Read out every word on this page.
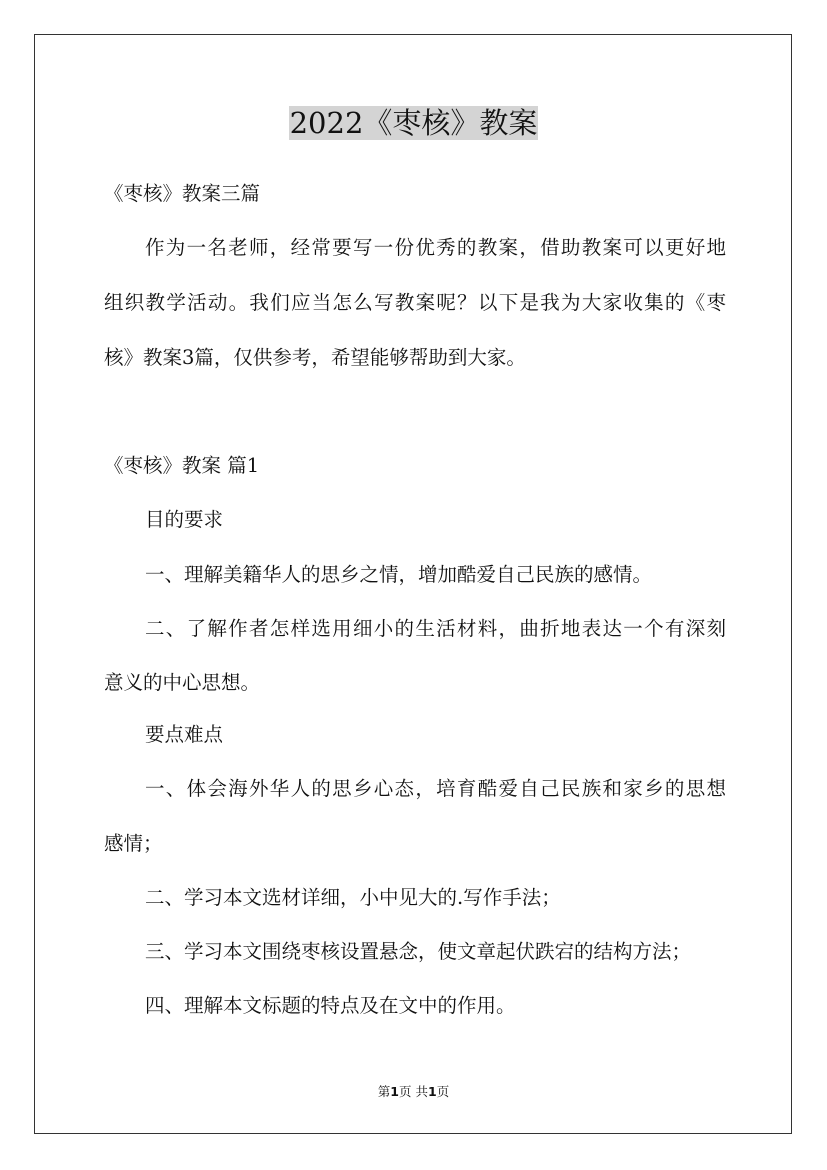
2022《枣核》教案
《枣核》教案三篇
作为一名老师，经常要写一份优秀的教案，借助教案可以更好地
组织教学活动。我们应当怎么写教案呢？以下是我为大家收集的《枣
核》教案3篇，仅供参考，希望能够帮助到大家。
《枣核》教案 篇1
目的要求
一、理解美籍华人的思乡之情，增加酷爱自己民族的感情。
二、了解作者怎样选用细小的生活材料，曲折地表达一个有深刻
意义的中心思想。
要点难点
一、体会海外华人的思乡心态，培育酷爱自己民族和家乡的思想
感情；
二、学习本文选材详细，小中见大的.写作手法；
三、学习本文围绕枣核设置悬念，使文章起伏跌宕的结构方法；
四、理解本文标题的特点及在文中的作用。
第1页 共1页
